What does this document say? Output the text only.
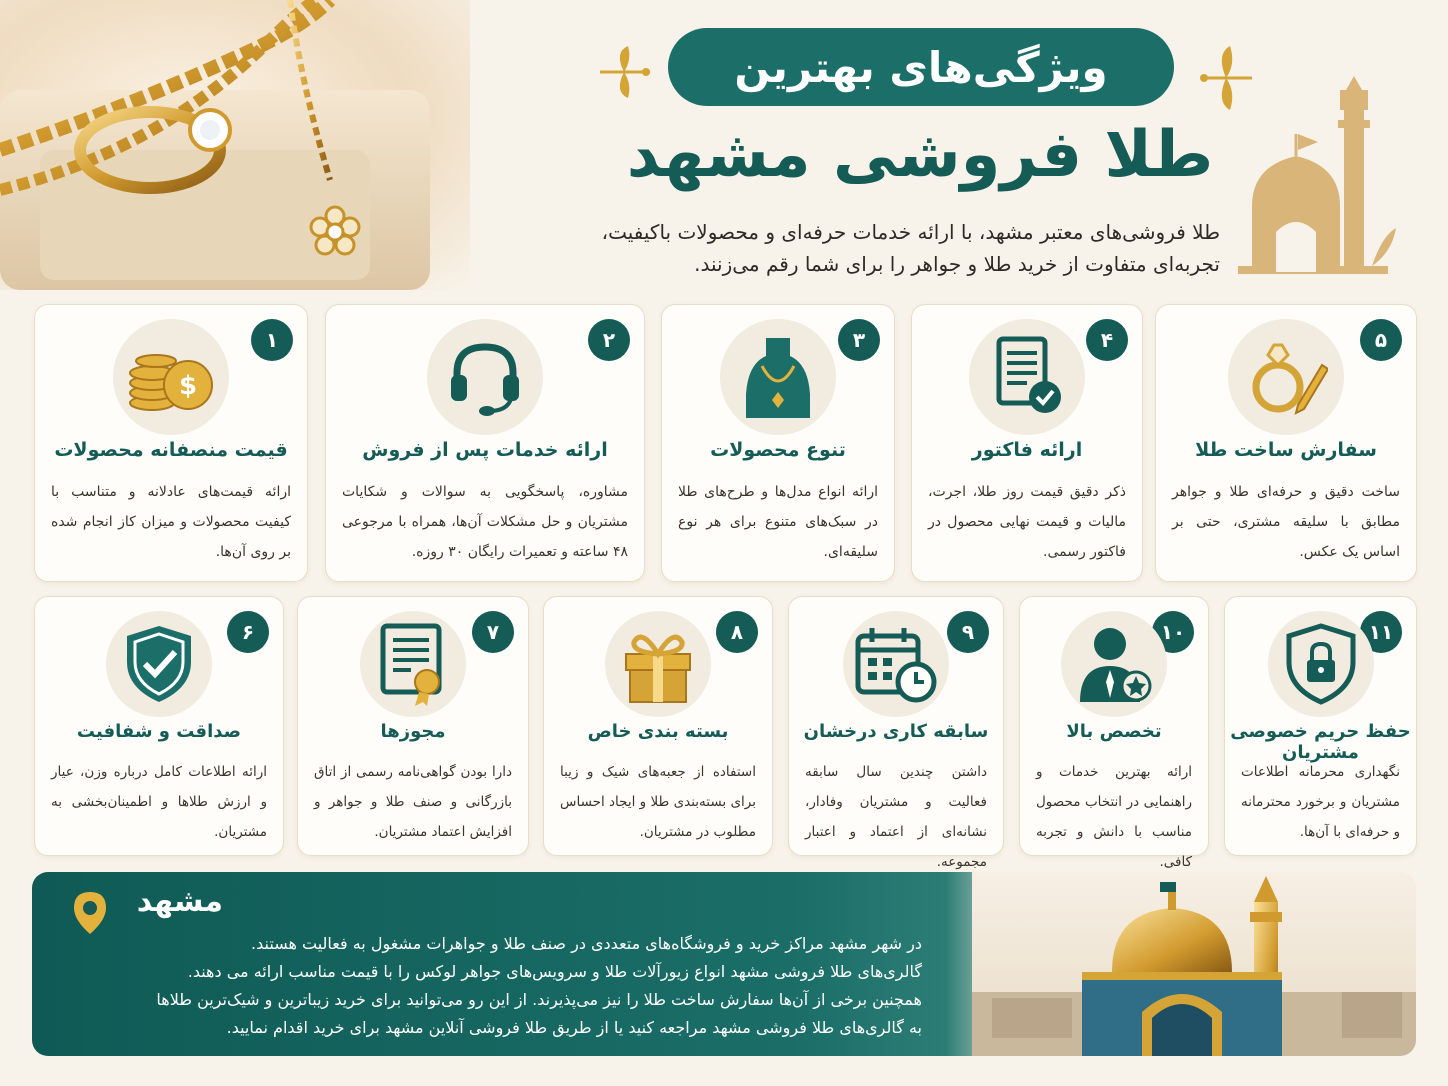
ویژگی‌های بهترین
طلا فروشی مشهد
طلا فروشی‌های معتبر مشهد، با ارائه خدمات حرفه‌ای و محصولات باکیفیت،
تجربه‌ای متفاوت از خرید طلا و جواهر را برای شما رقم می‌زنند.
۱
$
قیمت منصفانه محصولات
ارائه قیمت‌های عادلانه و متناسب با کیفیت محصولات و میزان کاز انجام شده بر روی آن‌ها.
۲
ارائه خدمات پس از فروش
مشاوره، پاسخگویی به سوالات و شکایات مشتریان و حل مشکلات آن‌ها، همراه با مرجوعی ۴۸ ساعته و تعمیرات رایگان ۳۰ روزه.
۳
تنوع محصولات
ارائه انواع مدل‌ها و طرح‌های طلا در سبک‌های متنوع برای هر نوع سلیقه‌ای.
۴
ارائه فاکتور
ذکر دقیق قیمت روز طلا، اجرت، مالیات و قیمت نهایی محصول در فاکتور رسمی.
۵
سفارش ساخت طلا
ساخت دقیق و حرفه‌ای طلا و جواهر مطابق با سلیقه مشتری، حتی بر اساس یک عکس.
۶
صداقت و شفافیت
ارائه اطلاعات کامل درباره وزن، عیار و ارزش طلاها و اطمینان‌بخشی به مشتریان.
۷
مجوزها
دارا بودن گواهی‌نامه رسمی از اتاق بازرگانی و صنف طلا و جواهر و افزایش اعتماد مشتریان.
۸
بسته بندی خاص
استفاده از جعبه‌های شیک و زیبا برای بسته‌بندی طلا و ایجاد احساس مطلوب در مشتریان.
۹
سابقه کاری درخشان
داشتن چندین سال سابقه فعالیت و مشتریان وفادار، نشانه‌ای از اعتماد و اعتبار مجموعه.
۱۰
تخصص بالا
ارائه بهترین خدمات و راهنمایی در انتخاب محصول مناسب با دانش و تجربه کافی.
۱۱
حفظ حریم خصوصی مشتریان
نگهداری محرمانه اطلاعات مشتریان و برخورد محترمانه و حرفه‌ای با آن‌ها.
مشهد
در شهر مشهد مراکز خرید و فروشگاه‌های متعددی در صنف طلا و جواهرات مشغول به فعالیت هستند.
گالری‌های طلا فروشی مشهد انواع زیورآلات طلا و سرویس‌های جواهر لوکس را با قیمت مناسب ارائه می دهند.
همچنین برخی از آن‌ها سفارش ساخت طلا را نیز می‌پذیرند. از این رو می‌توانید برای خرید زیباترین و شیک‌ترین طلاها
به گالری‌های طلا فروشی مشهد مراجعه کنید یا از طریق طلا فروشی آنلاین مشهد برای خرید اقدام نمایید.
